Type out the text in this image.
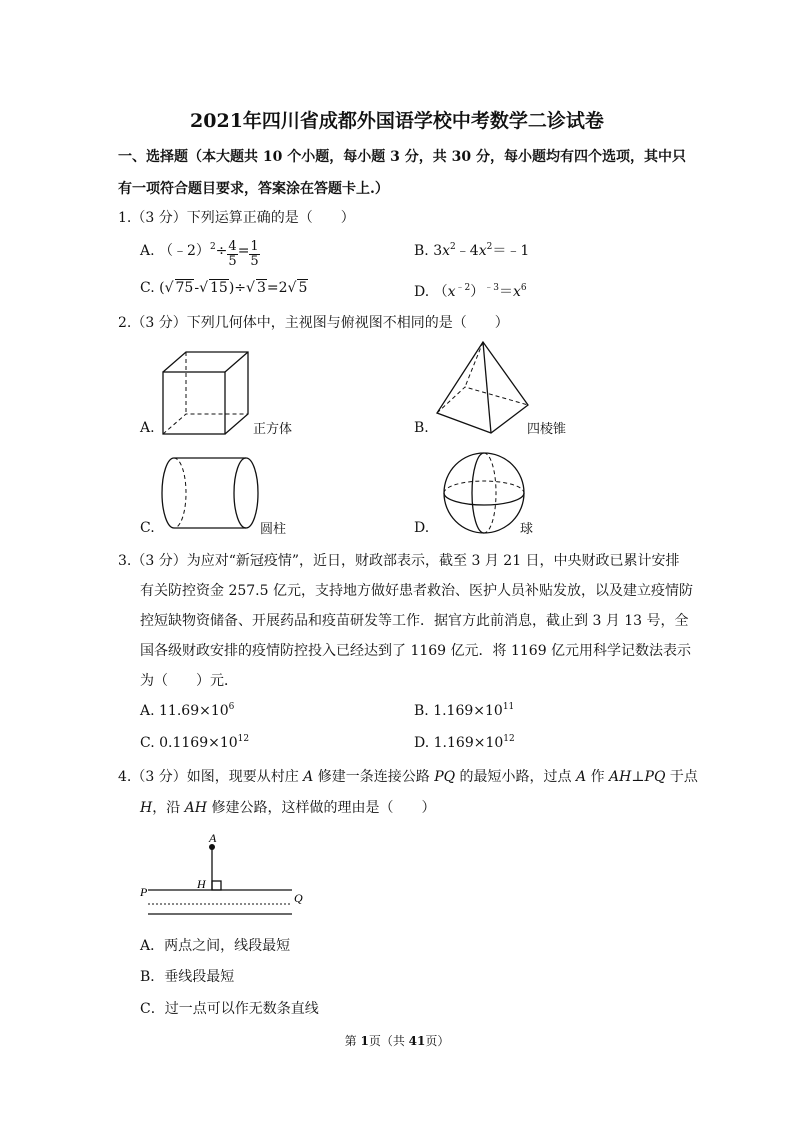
2021年四川省成都外国语学校中考数学二诊试卷
一、选择题（本大题共 10 个小题，每小题 3 分，共 30 分，每小题均有四个选项，其中只
有一项符合题目要求，答案涂在答题卡上.）
1.（3 分）下列运算正确的是（　　）
A. （﹣2）$^2$÷ $\frac{4}{5} = \frac{1}{5}$	B. $3x^2﹣4x^2=﹣1$
C. (√ 75-√ 15)÷√ 3=2√ 5	D. $(x^{﹣2})^{﹣3}=x^6$
2.（3 分）下列几何体中，主视图与俯视图不相同的是（　　）
A.	正方体	B.	四棱锥
C.	圆柱	D.	球
3.（3 分）为应对“新冠疫情”，近日，财政部表示，截至 3 月 21 日，中央财政已累计安排
有关防控资金 257.5 亿元，支持地方做好患者救治、医护人员补贴发放，以及建立疫情防
控短缺物资储备、开展药品和疫苗研发等工作．据官方此前消息，截止到 3 月 13 号，全
国各级财政安排的疫情防控投入已经达到了 1169 亿元．将 1169 亿元用科学记数法表示
为（　　）元．
A. $11.69\times 10^6$	B. $1.169\times 10^{11}$
C. $0.1169\times 10^{12}$	D. $1.169\times 10^{12}$
4.（3 分）如图，现要从村庄 A 修建一条连接公路 PQ 的最短小路，过点 A 作 AH⊥PQ 于点
H，沿 AH 修建公路，这样做的理由是（　　）
A
H
P	Q
A．两点之间，线段最短
B．垂线段最短
C．过一点可以作无数条直线
第 1页（共 41页）
